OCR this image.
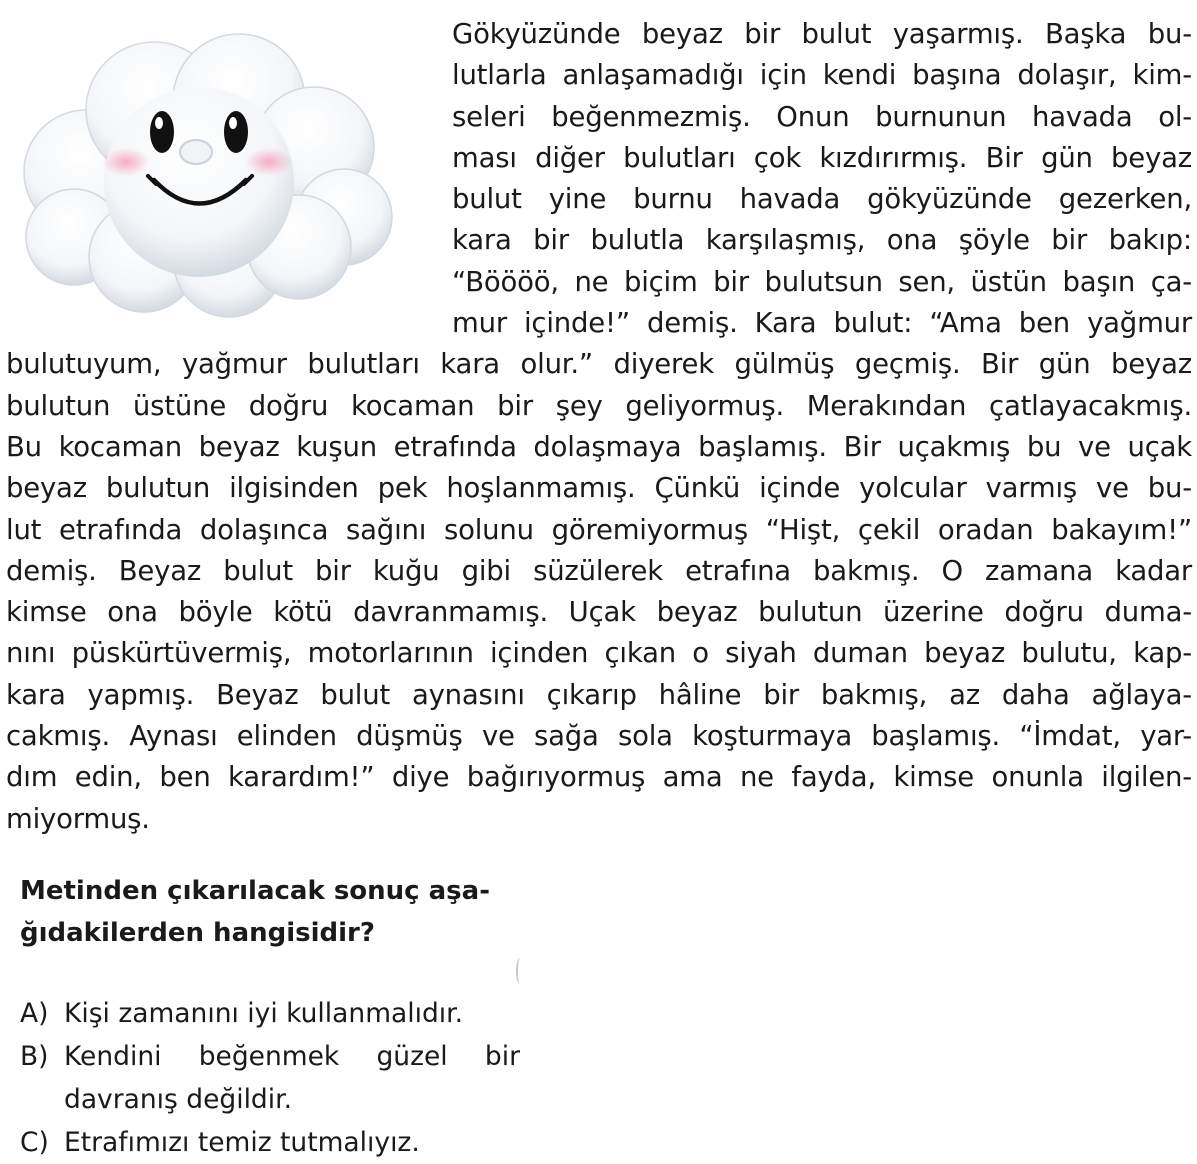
Gökyüzünde beyaz bir bulut yaşarmış. Başka bu-
lutlarla anlaşamadığı için kendi başına dolaşır, kim-
seleri beğenmezmiş. Onun burnunun havada ol-
ması diğer bulutları çok kızdırırmış. Bir gün beyaz
bulut yine burnu havada gökyüzünde gezerken,
kara bir bulutla karşılaşmış, ona şöyle bir bakıp:
“Böööö, ne biçim bir bulutsun sen, üstün başın ça-
mur içinde!” demiş. Kara bulut: “Ama ben yağmur
bulutuyum, yağmur bulutları kara olur.” diyerek gülmüş geçmiş. Bir gün beyaz
bulutun üstüne doğru kocaman bir şey geliyormuş. Merakından çatlayacakmış.
Bu kocaman beyaz kuşun etrafında dolaşmaya başlamış. Bir uçakmış bu ve uçak
beyaz bulutun ilgisinden pek hoşlanmamış. Çünkü içinde yolcular varmış ve bu-
lut etrafında dolaşınca sağını solunu göremiyormuş “Hişt, çekil oradan bakayım!”
demiş. Beyaz bulut bir kuğu gibi süzülerek etrafına bakmış. O zamana kadar
kimse ona böyle kötü davranmamış. Uçak beyaz bulutun üzerine doğru duma-
nını püskürtüvermiş, motorlarının içinden çıkan o siyah duman beyaz bulutu, kap-
kara yapmış. Beyaz bulut aynasını çıkarıp hâline bir bakmış, az daha ağlaya-
cakmış. Aynası elinden düşmüş ve sağa sola koşturmaya başlamış. “İmdat, yar-
dım edin, ben karardım!” diye bağırıyormuş ama ne fayda, kimse onunla ilgilen-
miyormuş.
Metinden çıkarılacak sonuç aşa-
ğıdakilerden hangisidir?
A) Kişi zamanını iyi kullanmalıdır.
B) Kendini beğenmek güzel bir
davranış değildir.
C) Etrafımızı temiz tutmalıyız.
